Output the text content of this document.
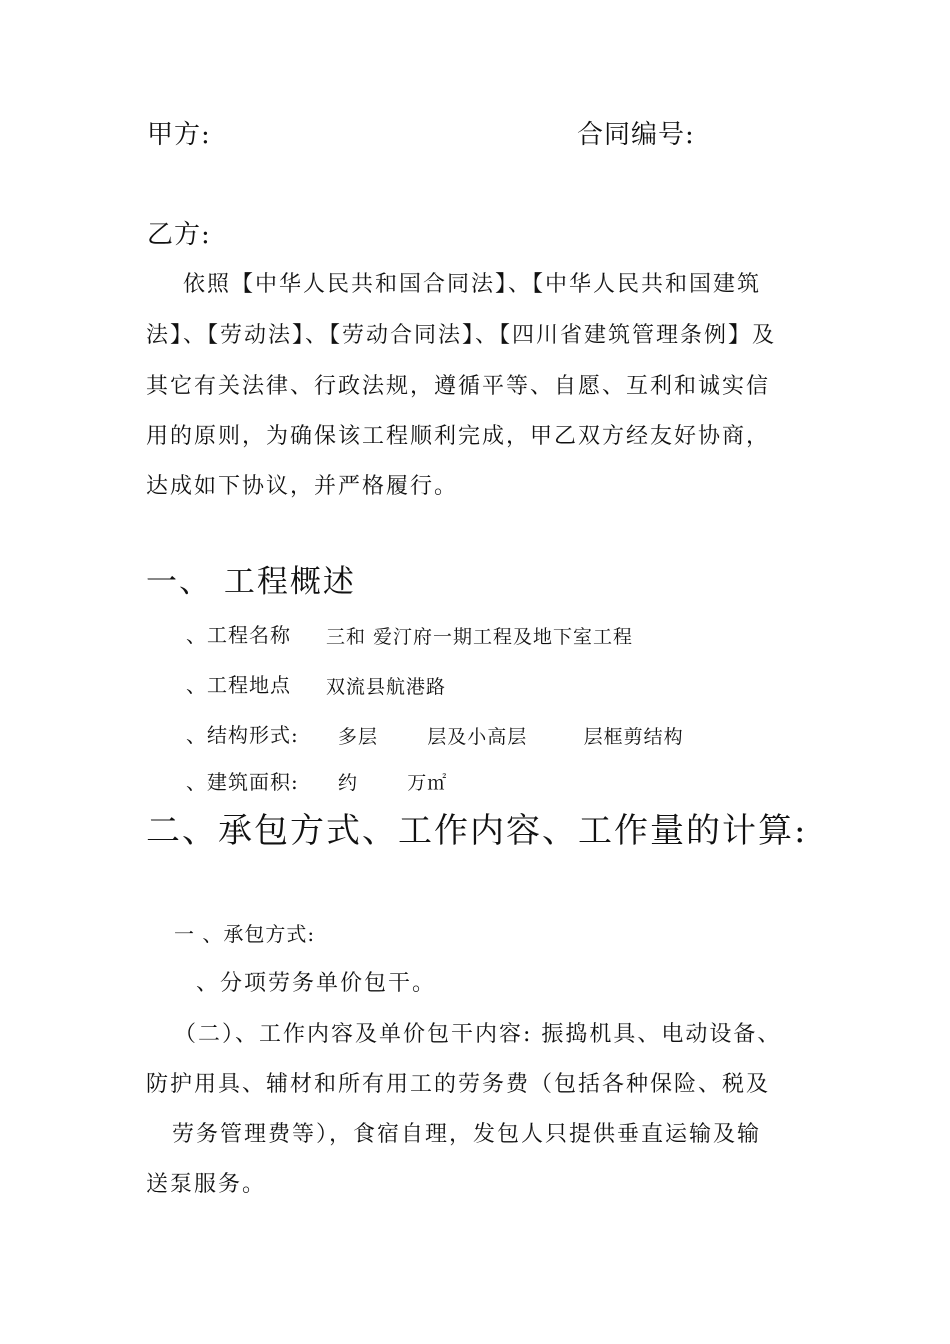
甲方:	合同编号:
乙方:
依照【中华人民共和国合同法】、【中华人民共和国建筑
法】、【劳动法】、【劳动合同法】、【四川省建筑管理条例】及
其它有关法律、行政法规，遵循平等、自愿、互利和诚实信
用的原则，为确保该工程顺利完成，甲乙双方经友好协商，
达成如下协议，并严格履行。
一、 工程概述
、工程名称 三和 爱汀府一期工程及地下室工程
、工程地点 双流县航港路
、结构形式: 多层       层及小高层        层框剪结构
、建筑面积: 约       万㎡
二、承包方式、工作内容、工作量的计算:
一 、承包方式:
、分项劳务单价包干。
（二）、工作内容及单价包干内容: 振捣机具、电动设备、
防护用具、辅材和所有用工的劳务费（包括各种保险、税及
劳务管理费等），食宿自理，发包人只提供垂直运输及输
送泵服务。
